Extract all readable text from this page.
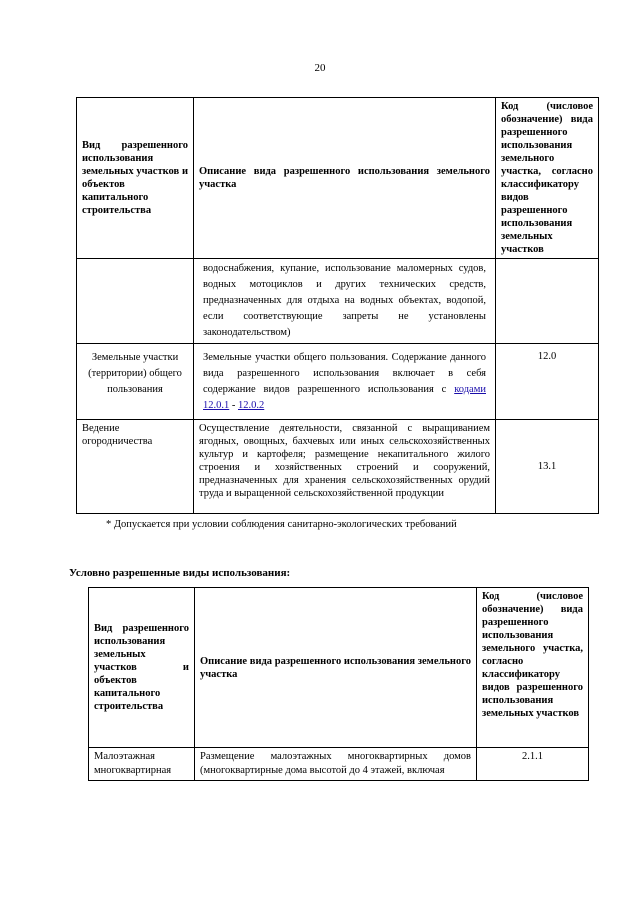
20
Вид разрешенного использования земельных участков и объектов капитального строительства	Описание вида разрешенного использования земельного участка	Код (числовое обозначение) вида разрешенного использования земельного участка, согласно классификатору видов разрешенного использования земельных участков
	водоснабжения, купание, использование маломерных судов, водных мотоциклов и других технических средств, предназначенных для отдыха на водных объектах, водопой, если соответствующие запреты не установлены законодательством)	
Земельные участки (территории) общего пользования	Земельные участки общего пользования. Содержание данного вида разрешенного использования включает в себя содержание видов разрешенного использования с кодами 12.0.1 - 12.0.2	12.0
Ведение огородничества	Осуществление деятельности, связанной с выращиванием ягодных, овощных, бахчевых или иных сельскохозяйственных культур и картофеля; размещение некапитального жилого строения и хозяйственных строений и сооружений, предназначенных для хранения сельскохозяйственных орудий труда и выращенной сельскохозяйственной продукции	13.1
* Допускается при условии соблюдения санитарно-экологических требований
Условно разрешенные виды использования:
Вид разрешенного использования земельных участков и объектов капитального строительства	Описание вида разрешенного использования земельного участка	Код (числовое обозначение) вида разрешенного использования земельного участка, согласно классификатору видов разрешенного использования земельных участков
Малоэтажная многоквартирная	Размещение малоэтажных многоквартирных домов (многоквартирные дома высотой до 4 этажей, включая	2.1.1
